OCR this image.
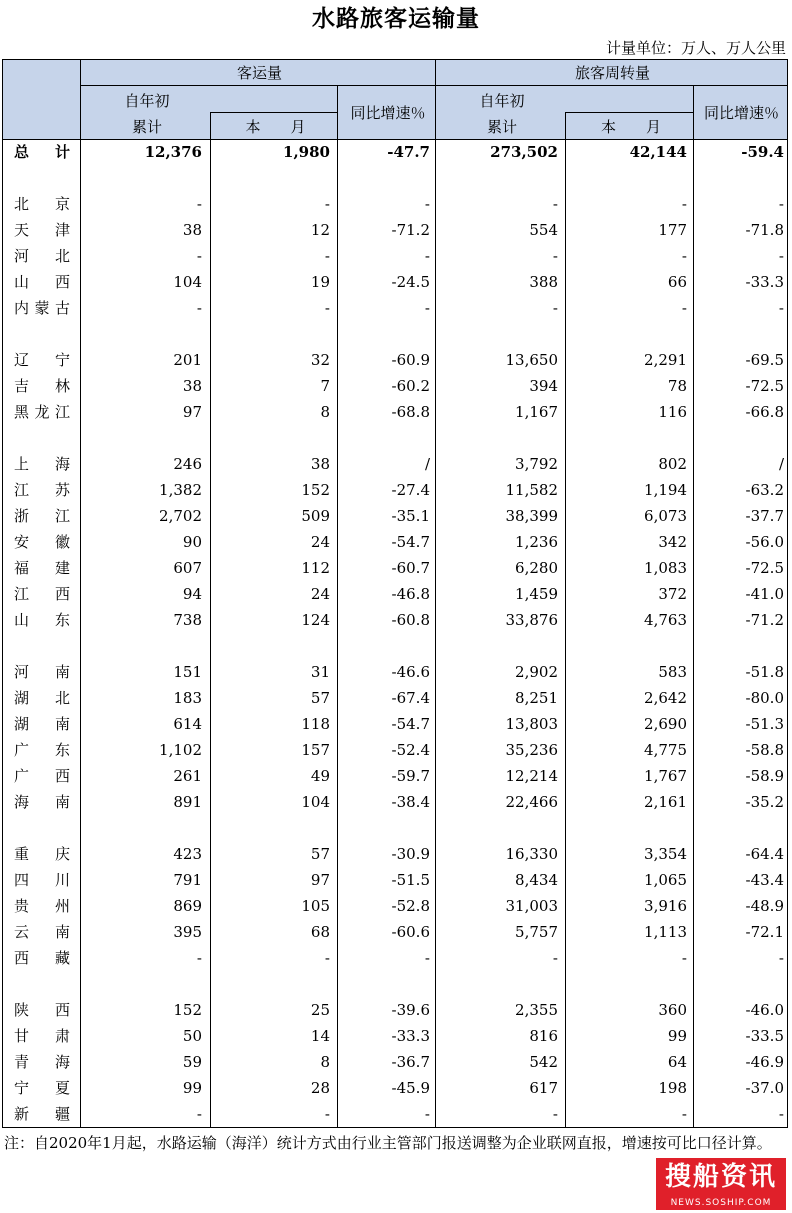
水路旅客运输量
计量单位：万人、万人公里
客运量	旅客周转量
自年初
累计	本　　月
同比增速％
自年初
累计	本　　月
同比增速％
总　计	12,376	1,980	-47.7	273,502	42,144	-59.4
北京	-	-	-	-	-	-
天津	38	12	-71.2	554	177	-71.8
河北	-	-	-	-	-	-
山西	104	19	-24.5	388	66	-33.3
内蒙古	-	-	-	-	-	-
辽宁	201	32	-60.9	13,650	2,291	-69.5
吉林	38	7	-60.2	394	78	-72.5
黑龙江	97	8	-68.8	1,167	116	-66.8
上海	246	38	/	3,792	802	/
江苏	1,382	152	-27.4	11,582	1,194	-63.2
浙江	2,702	509	-35.1	38,399	6,073	-37.7
安徽	90	24	-54.7	1,236	342	-56.0
福建	607	112	-60.7	6,280	1,083	-72.5
江西	94	24	-46.8	1,459	372	-41.0
山东	738	124	-60.8	33,876	4,763	-71.2
河南	151	31	-46.6	2,902	583	-51.8
湖北	183	57	-67.4	8,251	2,642	-80.0
湖南	614	118	-54.7	13,803	2,690	-51.3
广东	1,102	157	-52.4	35,236	4,775	-58.8
广西	261	49	-59.7	12,214	1,767	-58.9
海南	891	104	-38.4	22,466	2,161	-35.2
重庆	423	57	-30.9	16,330	3,354	-64.4
四川	791	97	-51.5	8,434	1,065	-43.4
贵州	869	105	-52.8	31,003	3,916	-48.9
云南	395	68	-60.6	5,757	1,113	-72.1
西藏	-	-	-	-	-	-
陕西	152	25	-39.6	2,355	360	-46.0
甘肃	50	14	-33.3	816	99	-33.5
青海	59	8	-36.7	542	64	-46.9
宁夏	99	28	-45.9	617	198	-37.0
新疆	-	-	-	-	-	-
注：自2020年1月起，水路运输（海洋）统计方式由行业主管部门报送调整为企业联网直报，增速按可比口径计算。
搜船资讯
NEWS.SOSHIP.COM
